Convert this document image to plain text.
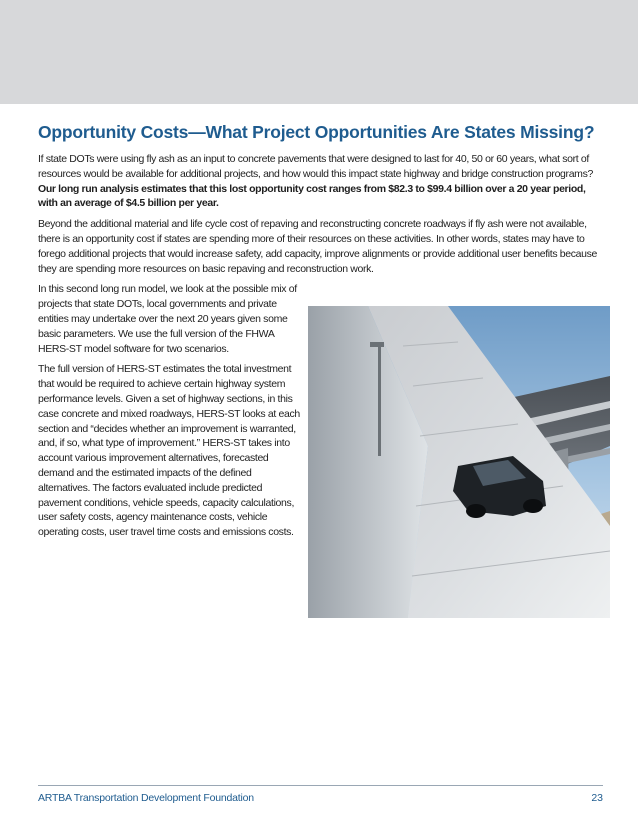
Opportunity Costs—What Project Opportunities Are States Missing?

If state DOTs were using fly ash as an input to concrete pavements that were designed to last for 40, 50 or 60 years, what sort of resources would be available for additional projects, and how would this impact state highway and bridge construction programs? Our long run analysis estimates that this lost opportunity cost ranges from $82.3 to $99.4 billion over a 20 year period, with an average of $4.5 billion per year.

Beyond the additional material and life cycle cost of repaving and reconstructing concrete roadways if fly ash were not available, there is an opportunity cost if states are spending more of their resources on these activities. In other words, states may have to forego additional projects that would increase safety, add capacity, improve alignments or provide additional user benefits because they are spending more resources on basic repaving and reconstruction work.

In this second long run model, we look at the possible mix of projects that state DOTs, local governments and private entities may undertake over the next 20 years given some basic parameters. We use the full version of the FHWA HERS-ST model software for two scenarios.

The full version of HERS-ST estimates the total investment that would be required to achieve certain highway system performance levels. Given a set of highway sections, in this case concrete and mixed roadways, HERS-ST looks at each section and “decides whether an improvement is warranted, and, if so, what type of improvement.” HERS-ST takes into account various improvement alternatives, forecasted demand and the estimated impacts of the defined alternatives. The factors evaluated include predicted pavement conditions, vehicle speeds, capacity calculations, user safety costs, agency maintenance costs, vehicle operating costs, user travel time costs and emissions costs.

ARTBA Transportation Development Foundation	23
